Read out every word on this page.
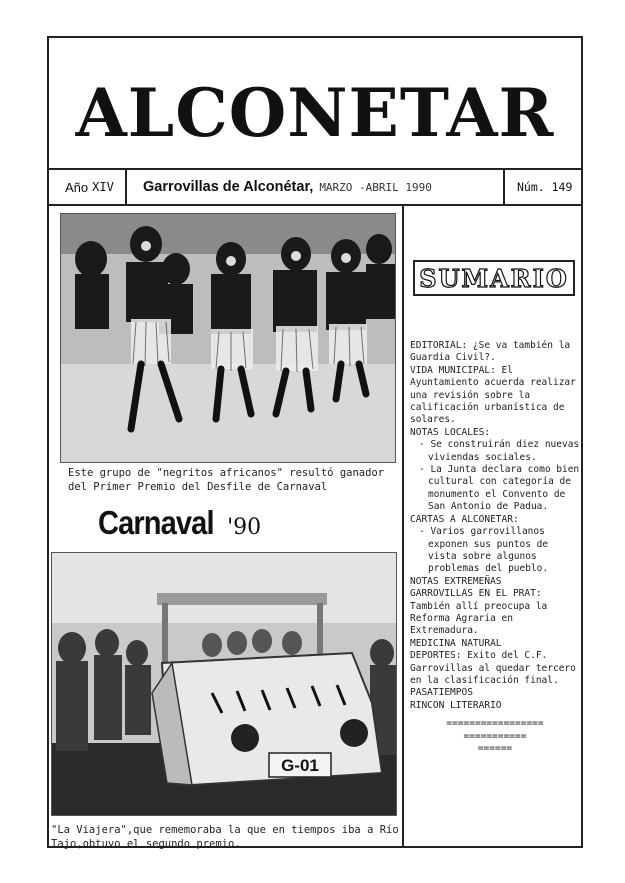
ALCONETAR
Año XIV Garrovillas de Alconétar, MARZO -ABRIL 1990	Núm. 149
Este grupo de "negritos africanos" resultó ganador del Primer Premio del Desfile de Carnaval
Carnaval '90
G-01
"La Viajera",que rememoraba la que en tiempos iba a Río Tajo,obtuvo el segundo premio.
SUMARIO

EDITORIAL: ¿Se va también la Guardia Civil?.

VIDA MUNICIPAL: El Ayuntamiento acuerda realizar una revisión sobre la calificación urbanística de solares.

NOTAS LOCALES:

- Se construirán diez nuevas viviendas sociales.

- La Junta declara como bien cultural con categoría de monumento el Convento de San Antonio de Padua.

CARTAS A ALCONETAR:

- Varios garrovillanos exponen sus puntos de vista sobre algunos problemas del pueblo.

NOTAS EXTREMEÑAS

GARROVILLAS EN EL PRAT: También allí preocupa la Reforma Agraria en Extremadura.

MEDICINA NATURAL

DEPORTES: Exito del C.F. Garrovillas al quedar tercero en la clasificación final.

PASATIEMPOS

RINCON LITERARIO

=================
===========
======
